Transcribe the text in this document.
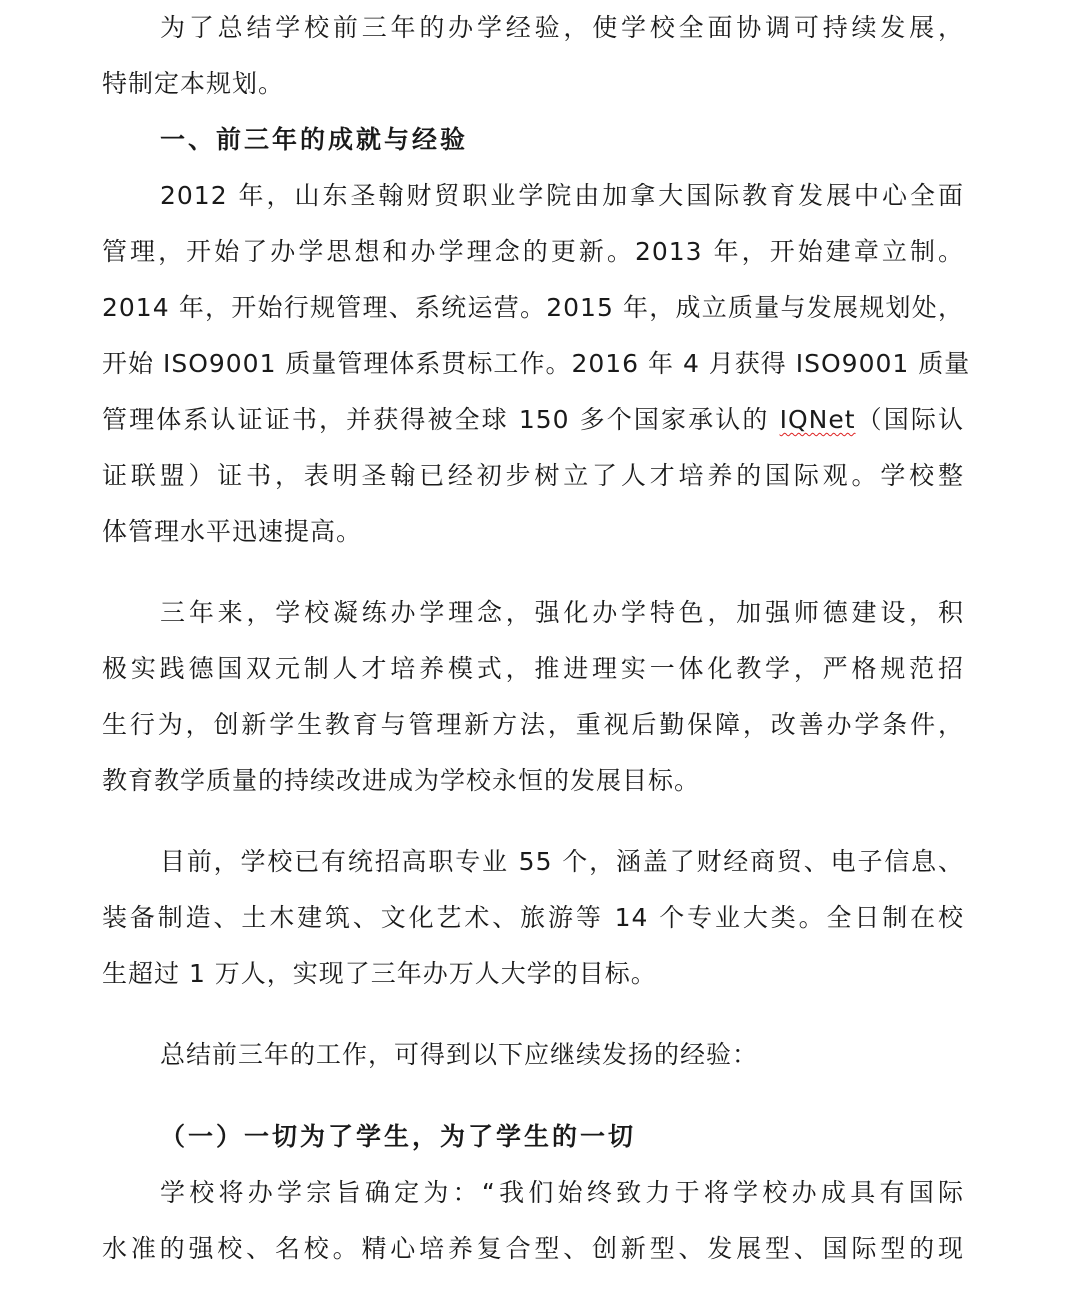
为了总结学校前三年的办学经验，使学校全面协调可持续发展，
特制定本规划。
一、前三年的成就与经验
2012 年，山东圣翰财贸职业学院由加拿大国际教育发展中心全面
管理，开始了办学思想和办学理念的更新。2013 年，开始建章立制。
2014 年，开始行规管理、系统运营。2015 年，成立质量与发展规划处，
开始 ISO9001 质量管理体系贯标工作。2016 年 4 月获得 ISO9001 质量
管理体系认证证书，并获得被全球 150 多个国家承认的 IQNet（国际认
证联盟）证书，表明圣翰已经初步树立了人才培养的国际观。学校整
体管理水平迅速提高。
三年来，学校凝练办学理念，强化办学特色，加强师德建设，积
极实践德国双元制人才培养模式，推进理实一体化教学，严格规范招
生行为，创新学生教育与管理新方法，重视后勤保障，改善办学条件，
教育教学质量的持续改进成为学校永恒的发展目标。
目前，学校已有统招高职专业 55 个，涵盖了财经商贸、电子信息、
装备制造、土木建筑、文化艺术、旅游等 14 个专业大类。全日制在校
生超过 1 万人，实现了三年办万人大学的目标。
总结前三年的工作，可得到以下应继续发扬的经验：
（一）一切为了学生，为了学生的一切
学校将办学宗旨确定为：“我们始终致力于将学校办成具有国际
水准的强校、名校。精心培养复合型、创新型、发展型、国际型的现
